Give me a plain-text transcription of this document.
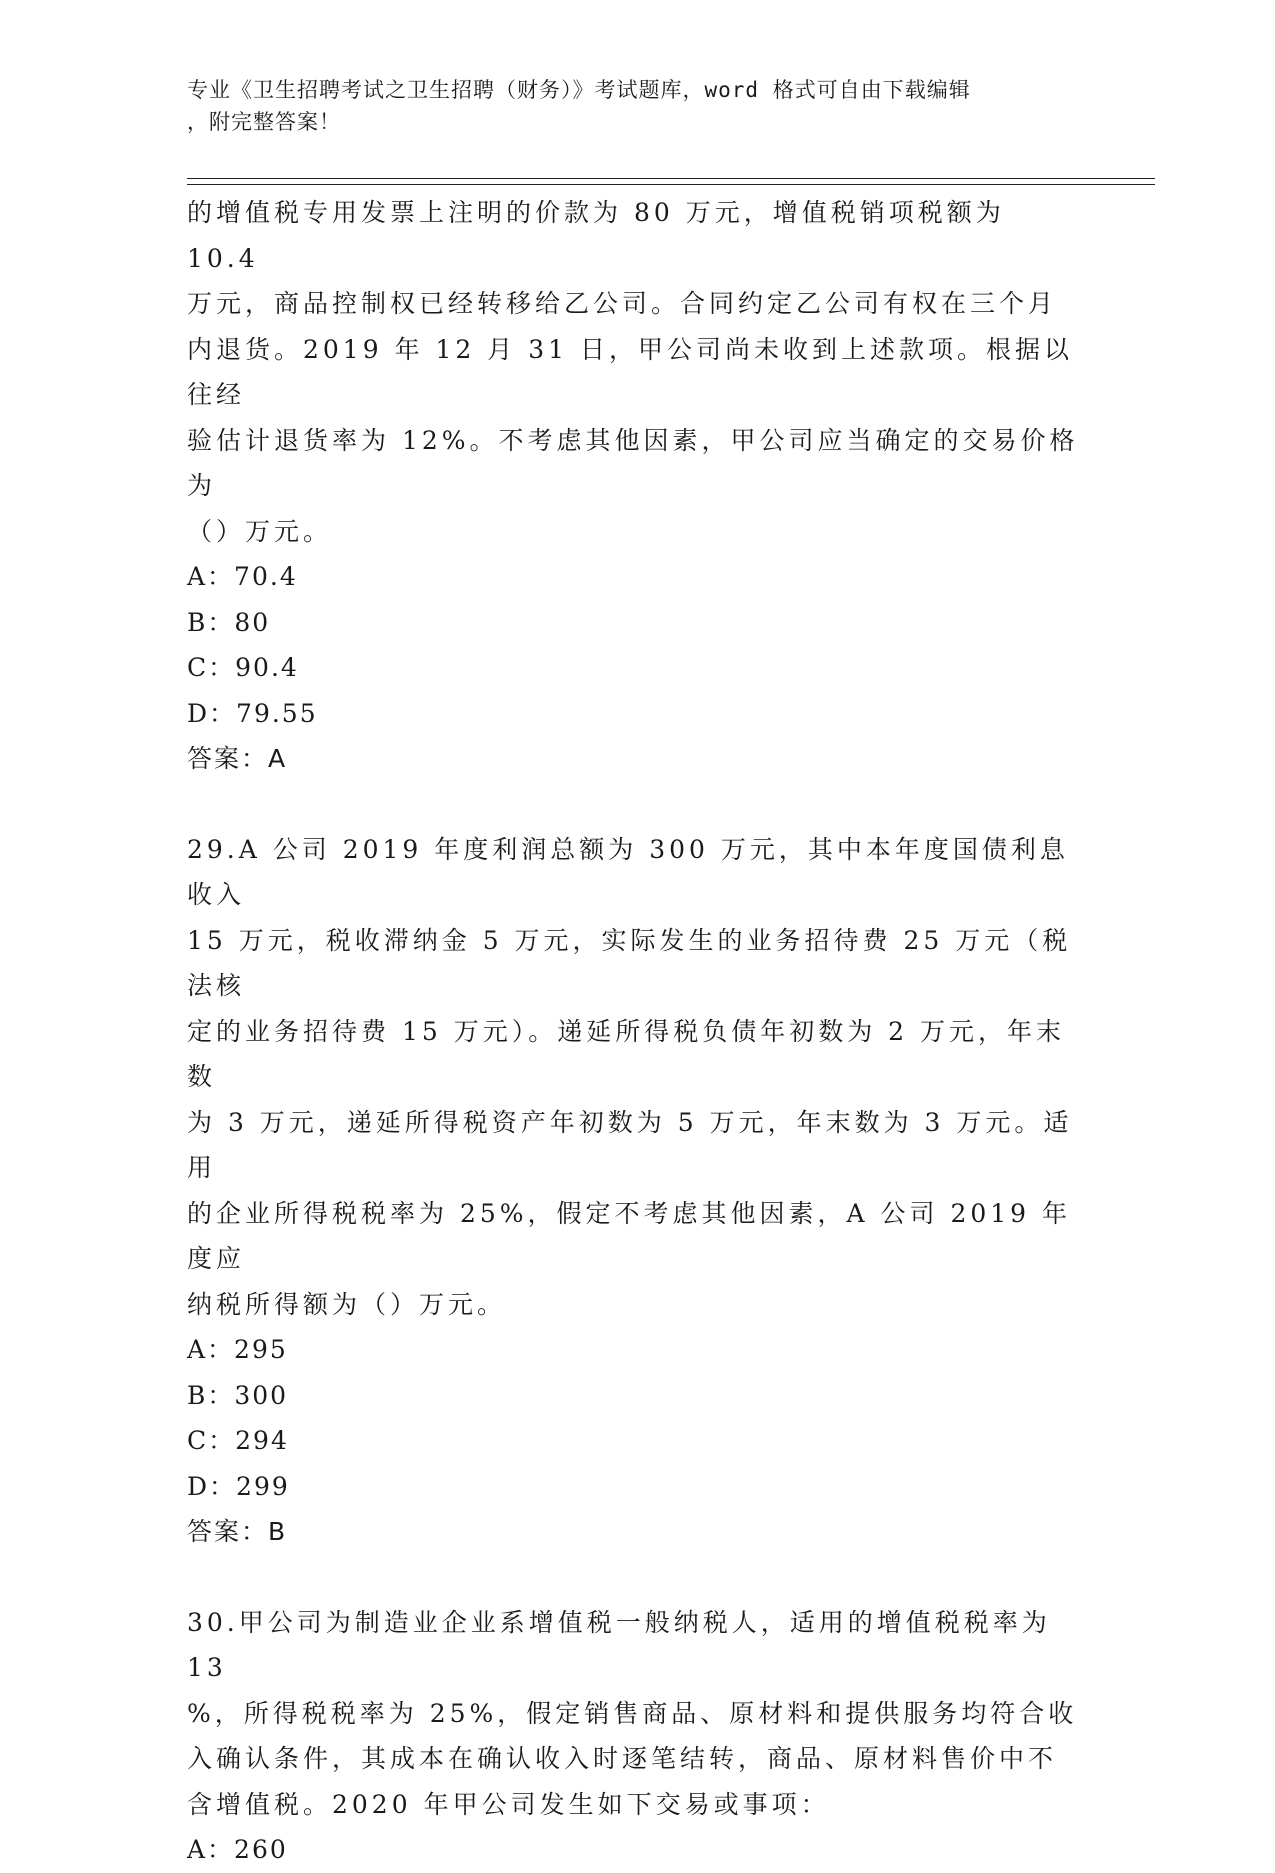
专业《卫生招聘考试之卫生招聘（财务）》考试题库，word 格式可自由下载编辑
，附完整答案！

的增值税专用发票上注明的价款为 80 万元，增值税销项税额为 10.4

万元，商品控制权已经转移给乙公司。合同约定乙公司有权在三个月

内退货。2019 年 12 月 31 日，甲公司尚未收到上述款项。根据以往经

验估计退货率为 12%。不考虑其他因素，甲公司应当确定的交易价格为

（）万元。

A：70.4

B：80

C：90.4

D：79.55

答案：A

29.A 公司 2019 年度利润总额为 300 万元，其中本年度国债利息收入

15 万元，税收滞纳金 5 万元，实际发生的业务招待费 25 万元（税法核

定的业务招待费 15 万元）。递延所得税负债年初数为 2 万元，年末数

为 3 万元，递延所得税资产年初数为 5 万元，年末数为 3 万元。适用

的企业所得税税率为 25%，假定不考虑其他因素，A 公司 2019 年度应

纳税所得额为（）万元。

A：295

B：300

C：294

D：299

答案：B

30.甲公司为制造业企业系增值税一般纳税人，适用的增值税税率为 13

%，所得税税率为 25%，假定销售商品、原材料和提供服务均符合收

入确认条件，其成本在确认收入时逐笔结转，商品、原材料售价中不

含增值税。2020 年甲公司发生如下交易或事项：

A：260
